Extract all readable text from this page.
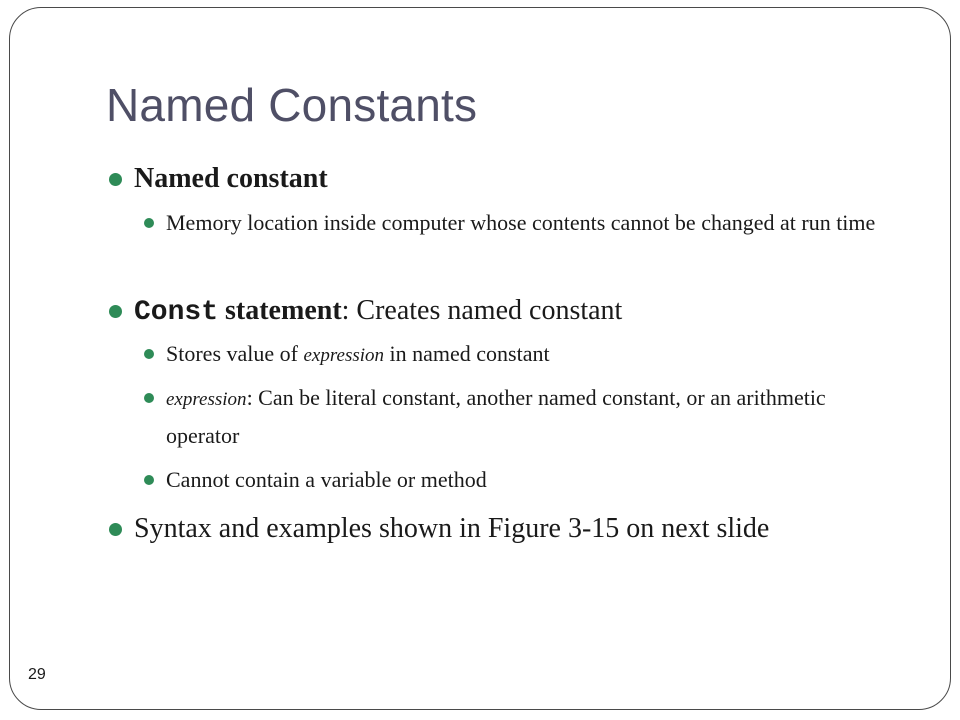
Named Constants
Named constant
Memory location inside computer whose contents cannot be changed at run time
Const statement: Creates named constant
Stores value of expression in named constant
expression: Can be literal constant, another named constant, or an arithmetic operator
Cannot contain a variable or method
Syntax and examples shown in Figure 3-15 on next slide
29
